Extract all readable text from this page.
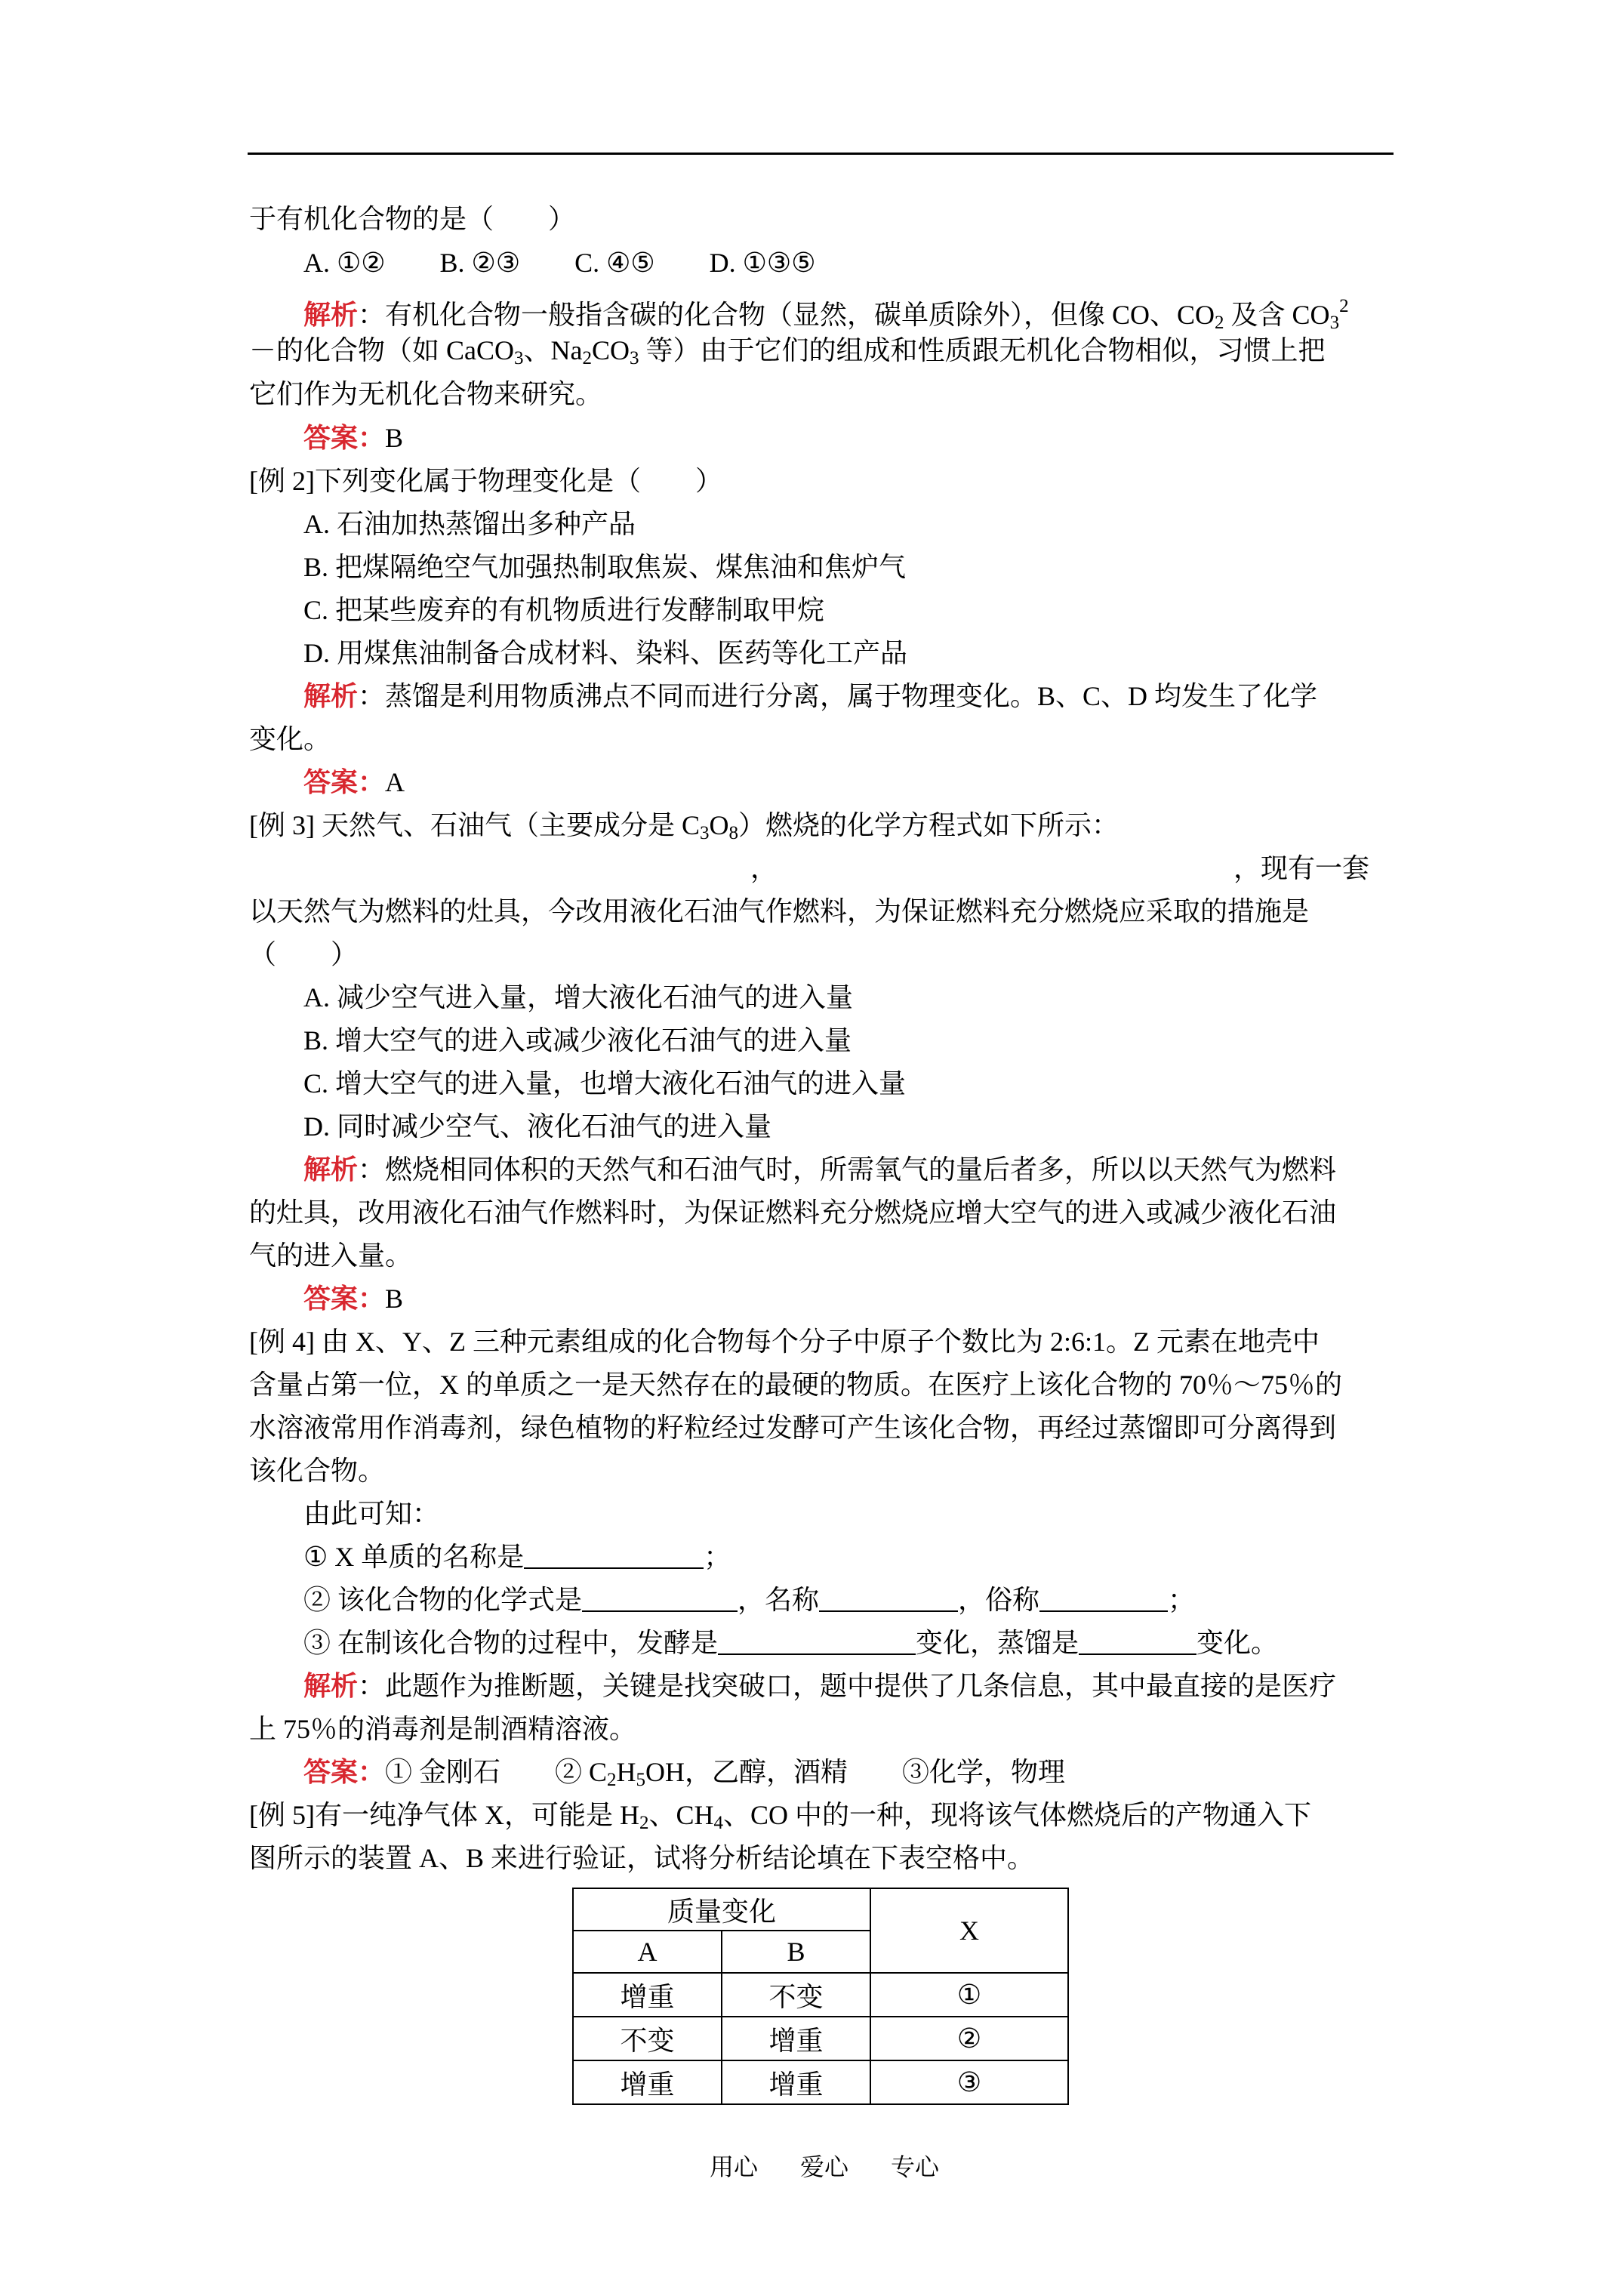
于有机化合物的是（　　）
A. ①②　　B. ②③　　C. ④⑤　　D. ①③⑤
解析：有机化合物一般指含碳的化合物（显然，碳单质除外），但像 CO、$CO_2$ 及含 $CO_3^2$
－的化合物（如 CaCO$_3$、$Na_2CO_3$ 等）由于它们的组成和性质跟无机化合物相似，习惯上把
它们作为无机化合物来研究。
答案：B
[例 2]下列变化属于物理变化是（　　）
A. 石油加热蒸馏出多种产品
B. 把煤隔绝空气加强热制取焦炭、煤焦油和焦炉气
C. 把某些废弃的有机物质进行发酵制取甲烷
D. 用煤焦油制备合成材料、染料、医药等化工产品
解析：蒸馏是利用物质沸点不同而进行分离，属于物理变化。B、C、D 均发生了化学
变化。
答案：A
[例 3] 天然气、石油气（主要成分是 $C_3O_8$）燃烧的化学方程式如下所示：
，	，现有一套
以天然气为燃料的灶具，今改用液化石油气作燃料，为保证燃料充分燃烧应采取的措施是
（　　）
A. 减少空气进入量，增大液化石油气的进入量
B. 增大空气的进入或减少液化石油气的进入量
C. 增大空气的进入量，也增大液化石油气的进入量
D. 同时减少空气、液化石油气的进入量
解析：燃烧相同体积的天然气和石油气时，所需氧气的量后者多，所以以天然气为燃料
的灶具，改用液化石油气作燃料时，为保证燃料充分燃烧应增大空气的进入或减少液化石油
气的进入量。
答案：B
[例 4] 由 X、Y、Z 三种元素组成的化合物每个分子中原子个数比为 2:6:1。Z 元素在地壳中
含量占第一位，X 的单质之一是天然存在的最硬的物质。在医疗上该化合物的 70％～75％的
水溶液常用作消毒剂，绿色植物的籽粒经过发酵可产生该化合物，再经过蒸馏即可分离得到
该化合物。
由此可知：
① X 单质的名称是	；
② 该化合物的化学式是	，名称	，俗称	；
③ 在制该化合物的过程中，发酵是	变化，蒸馏是	变化。
解析：此题作为推断题，关键是找突破口，题中提供了几条信息，其中最直接的是医疗
上 75％的消毒剂是制酒精溶液。
答案：① 金刚石　　② $C_2H_5OH$，乙醇，酒精　　③化学，物理
[例 5]有一纯净气体 X，可能是 $H_2$、$CH_4$、CO 中的一种，现将该气体燃烧后的产物通入下
图所示的装置 A、B 来进行验证，试将分析结论填在下表空格中。
质量变化		X
A	B	
增重	不变	①
不变	增重	②
增重	增重	③
用心 爱心 专心
